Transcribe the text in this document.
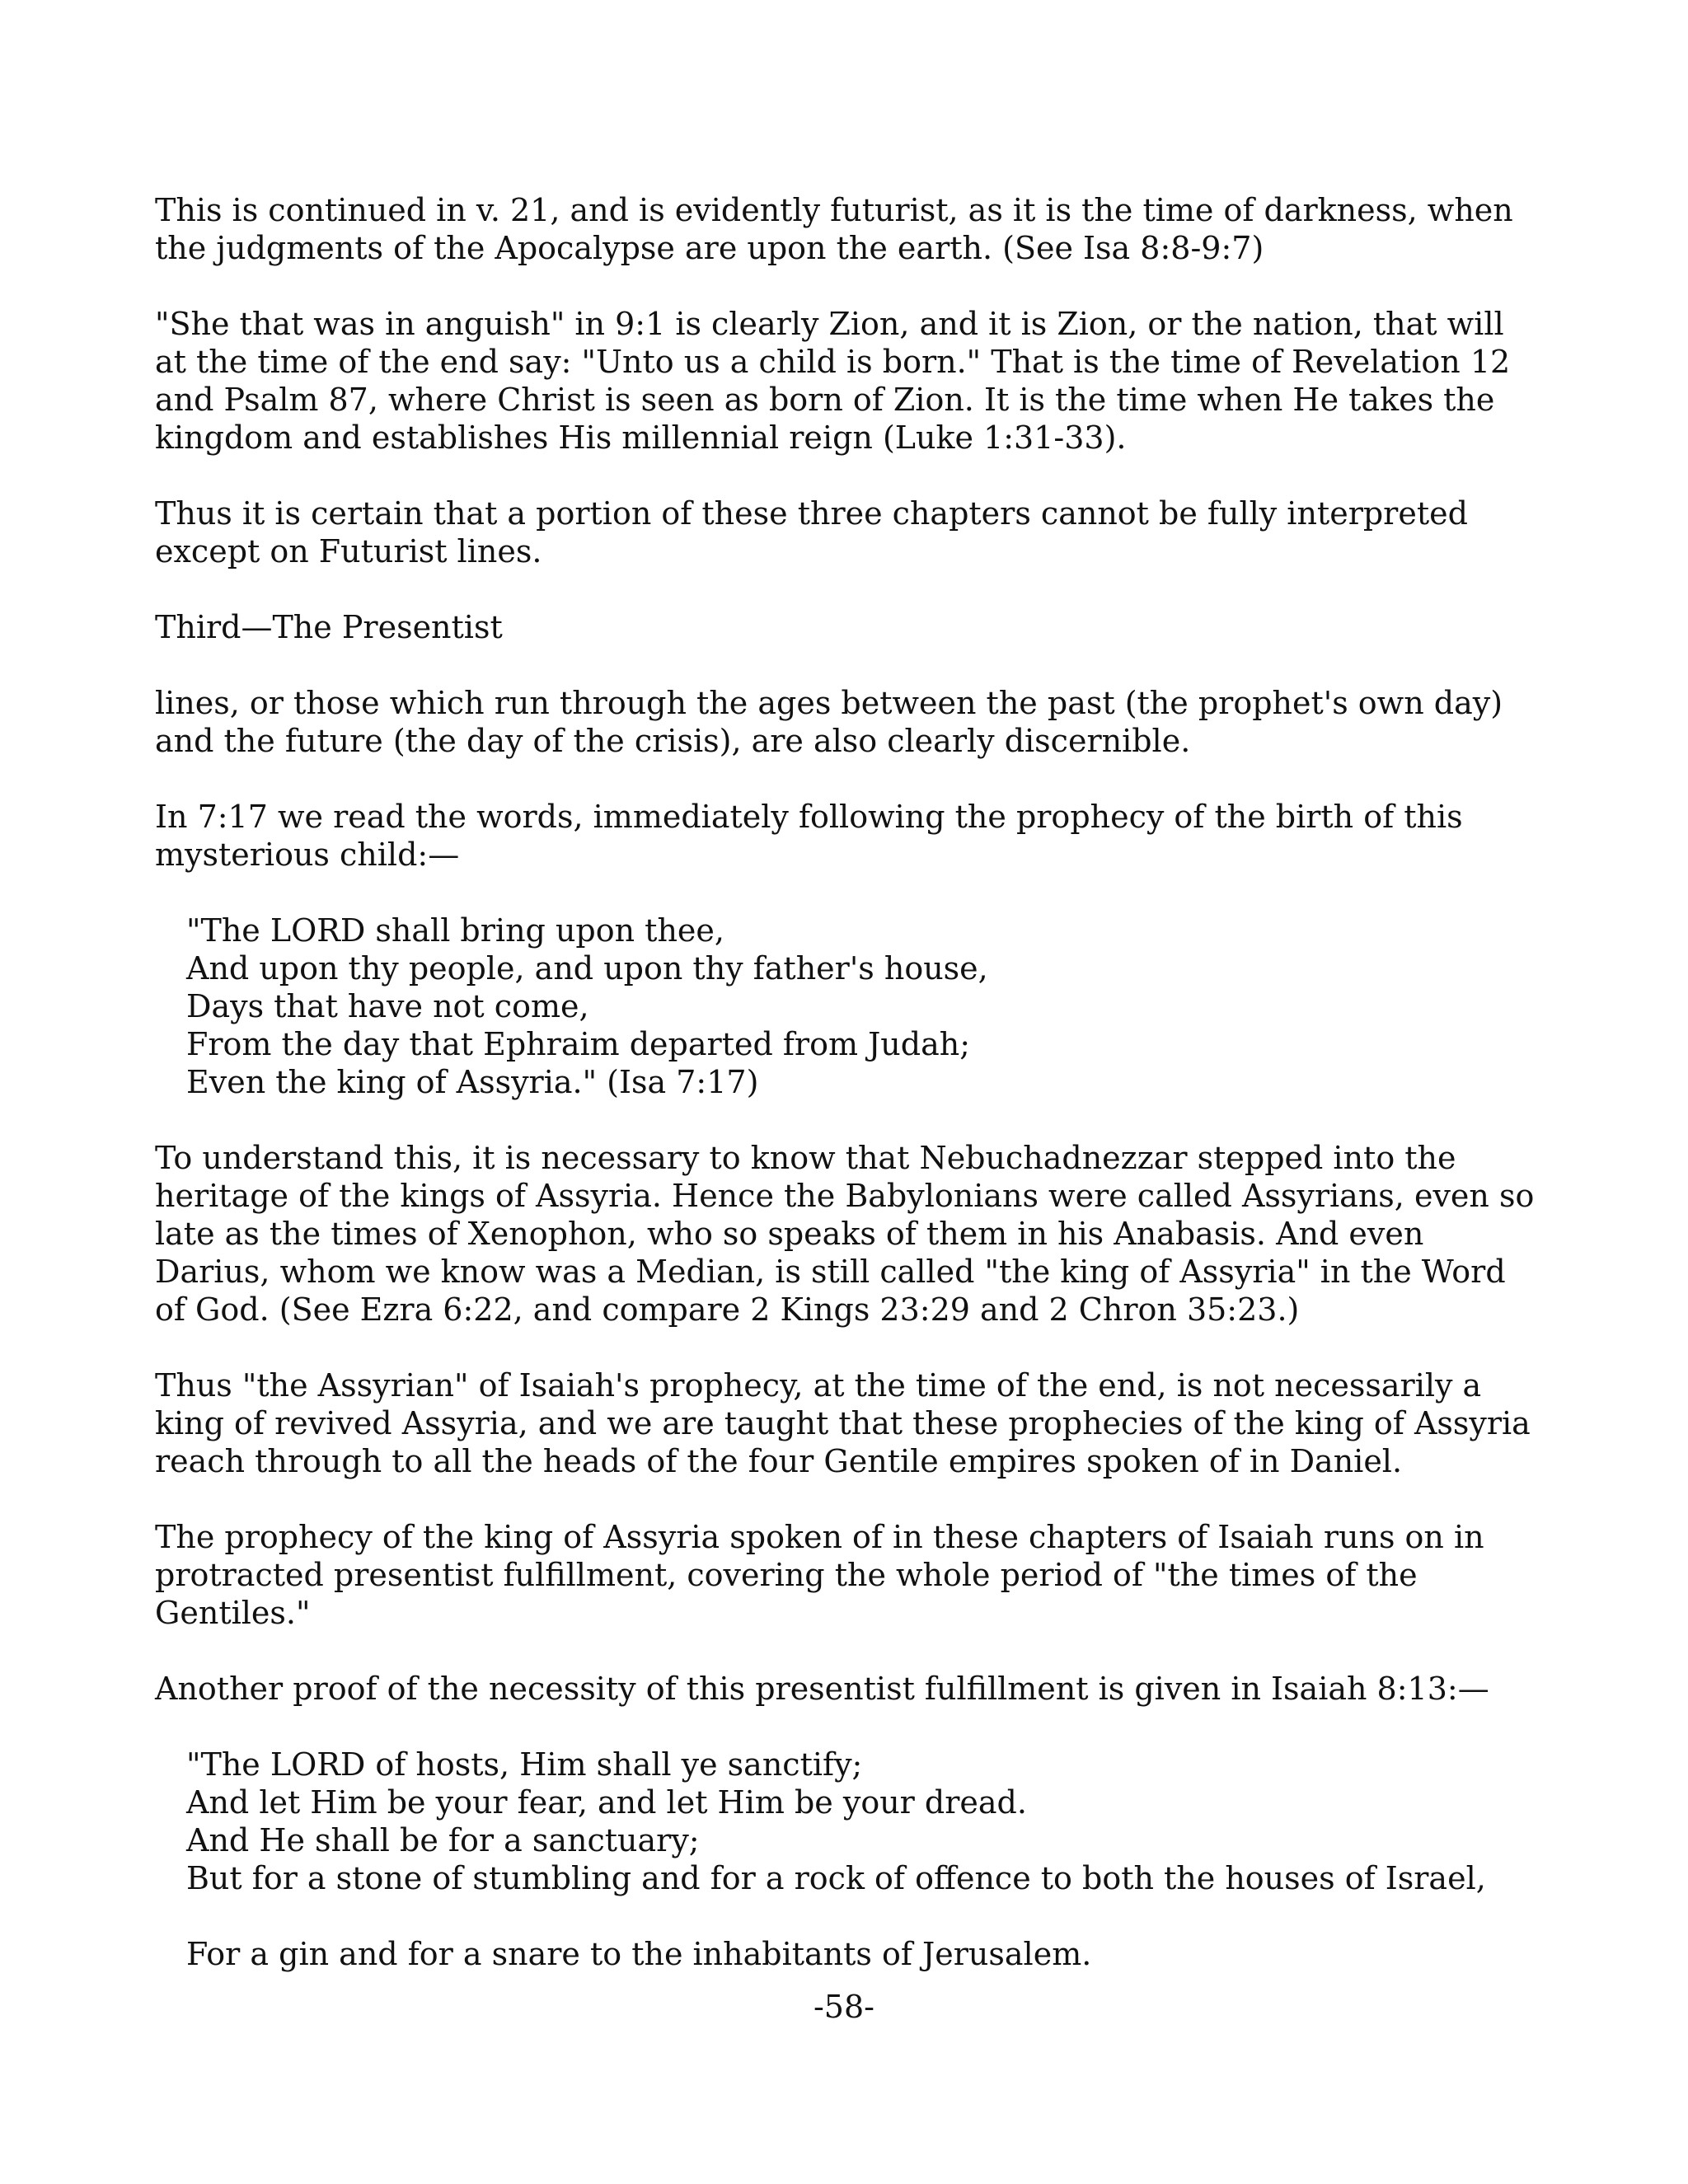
This is continued in v. 21, and is evidently futurist, as it is the time of darkness, when the judgments of the Apocalypse are upon the earth. (See Isa 8:8-9:7)

"She that was in anguish" in 9:1 is clearly Zion, and it is Zion, or the nation, that will at the time of the end say: "Unto us a child is born." That is the time of Revelation 12 and Psalm 87, where Christ is seen as born of Zion. It is the time when He takes the kingdom and establishes His millennial reign (Luke 1:31-33).

Thus it is certain that a portion of these three chapters cannot be fully interpreted except on Futurist lines.

Third—The Presentist

lines, or those which run through the ages between the past (the prophet's own day) and the future (the day of the crisis), are also clearly discernible.

In 7:17 we read the words, immediately following the prophecy of the birth of this mysterious child:—

"The LORD shall bring upon thee,
And upon thy people, and upon thy father's house,
Days that have not come,
From the day that Ephraim departed from Judah;
Even the king of Assyria." (Isa 7:17)

To understand this, it is necessary to know that Nebuchadnezzar stepped into the heritage of the kings of Assyria. Hence the Babylonians were called Assyrians, even so late as the times of Xenophon, who so speaks of them in his Anabasis. And even Darius, whom we know was a Median, is still called "the king of Assyria" in the Word of God. (See Ezra 6:22, and compare 2 Kings 23:29 and 2 Chron 35:23.)

Thus "the Assyrian" of Isaiah's prophecy, at the time of the end, is not necessarily a king of revived Assyria, and we are taught that these prophecies of the king of Assyria reach through to all the heads of the four Gentile empires spoken of in Daniel.

The prophecy of the king of Assyria spoken of in these chapters of Isaiah runs on in protracted presentist fulfillment, covering the whole period of "the times of the Gentiles."

Another proof of the necessity of this presentist fulfillment is given in Isaiah 8:13:—

"The LORD of hosts, Him shall ye sanctify;
And let Him be your fear, and let Him be your dread.
And He shall be for a sanctuary;
But for a stone of stumbling and for a rock of offence to both the houses of Israel,
For a gin and for a snare to the inhabitants of Jerusalem.
-58-
